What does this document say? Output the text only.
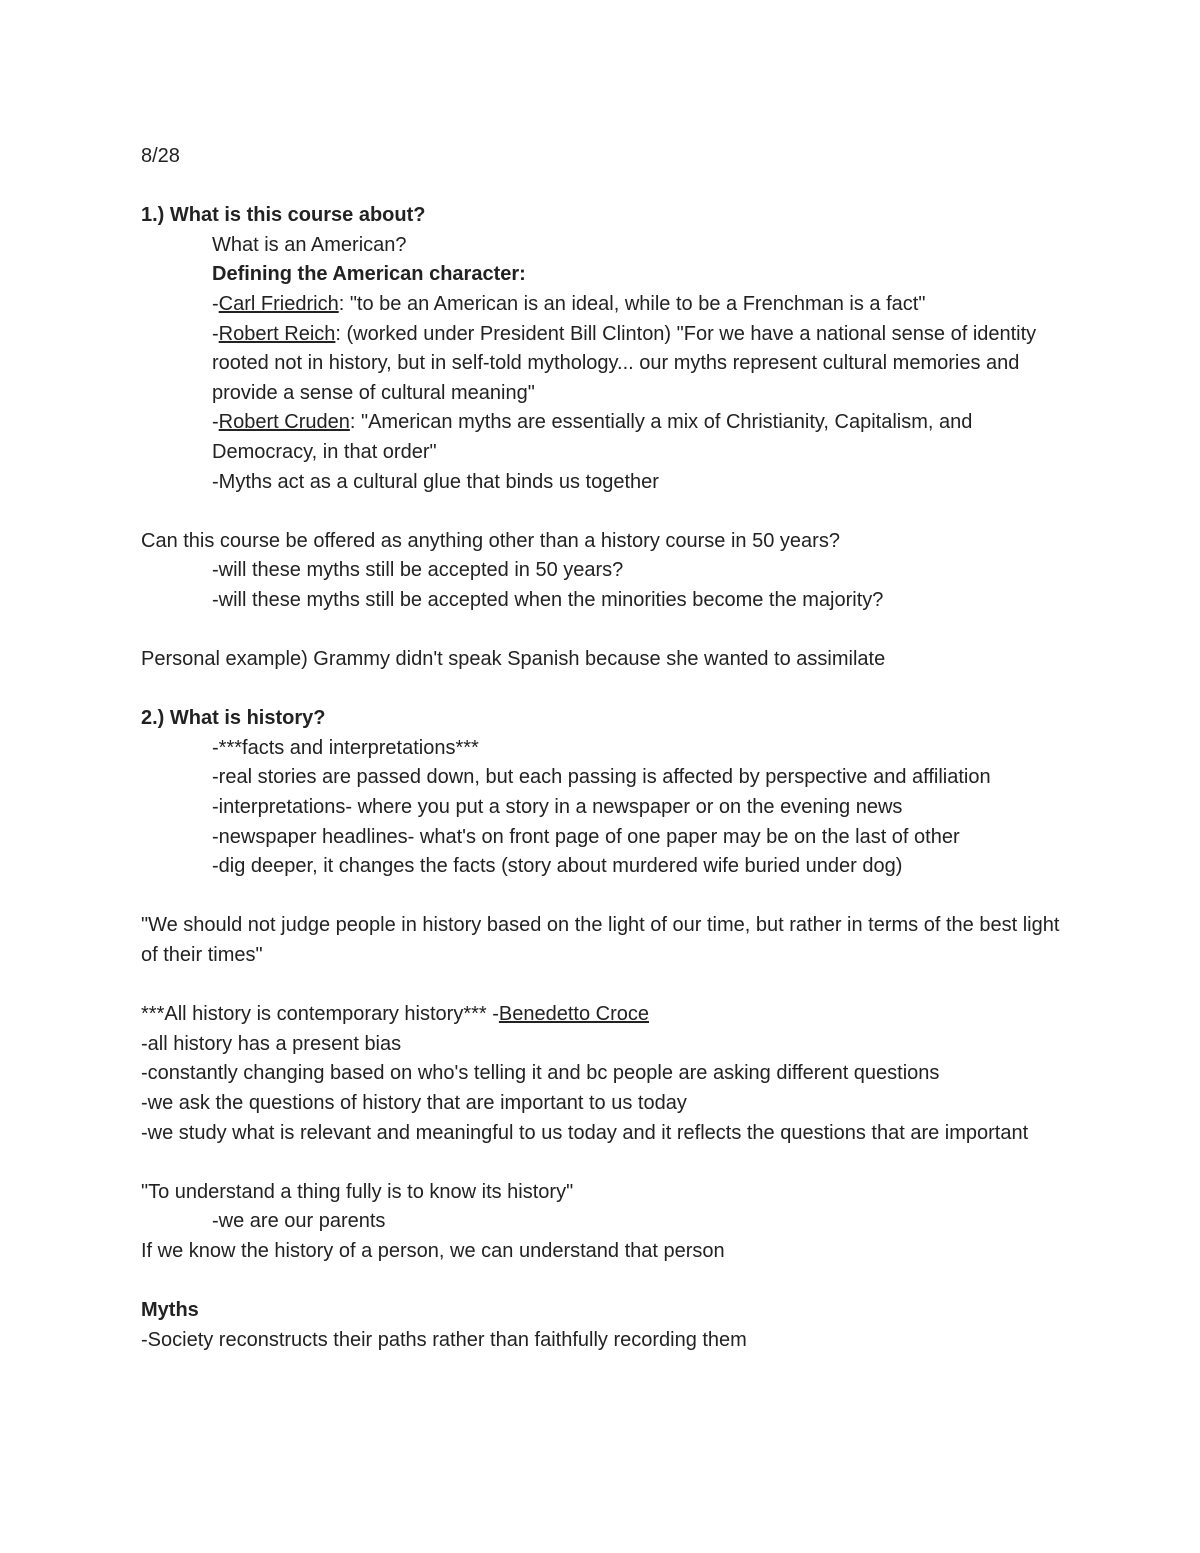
8/28
1.) What is this course about?
What is an American?
Defining the American character:
-Carl Friedrich: "to be an American is an ideal, while to be a Frenchman is a fact"
-Robert Reich: (worked under President Bill Clinton) "For we have a national sense of identity rooted not in history, but in self-told mythology... our myths represent cultural memories and provide a sense of cultural meaning"
-Robert Cruden: "American myths are essentially a mix of Christianity, Capitalism, and Democracy, in that order"
-Myths act as a cultural glue that binds us together
Can this course be offered as anything other than a history course in 50 years?
-will these myths still be accepted in 50 years?
-will these myths still be accepted when the minorities become the majority?
Personal example) Grammy didn't speak Spanish because she wanted to assimilate
2.) What is history?
-***facts and interpretations***
-real stories are passed down, but each passing is affected by perspective and affiliation
-interpretations- where you put a story in a newspaper or on the evening news
-newspaper headlines- what's on front page of one paper may be on the last of other
-dig deeper, it changes the facts (story about murdered wife buried under dog)
"We should not judge people in history based on the light of our time, but rather in terms of the best light of their times"
***All history is contemporary history*** -Benedetto Croce
-all history has a present bias
-constantly changing based on who's telling it and bc people are asking different questions
-we ask the questions of history that are important to us today
-we study what is relevant and meaningful to us today and it reflects the questions that are important
"To understand a thing fully is to know its history"
-we are our parents
If we know the history of a person, we can understand that person
Myths
-Society reconstructs their paths rather than faithfully recording them
